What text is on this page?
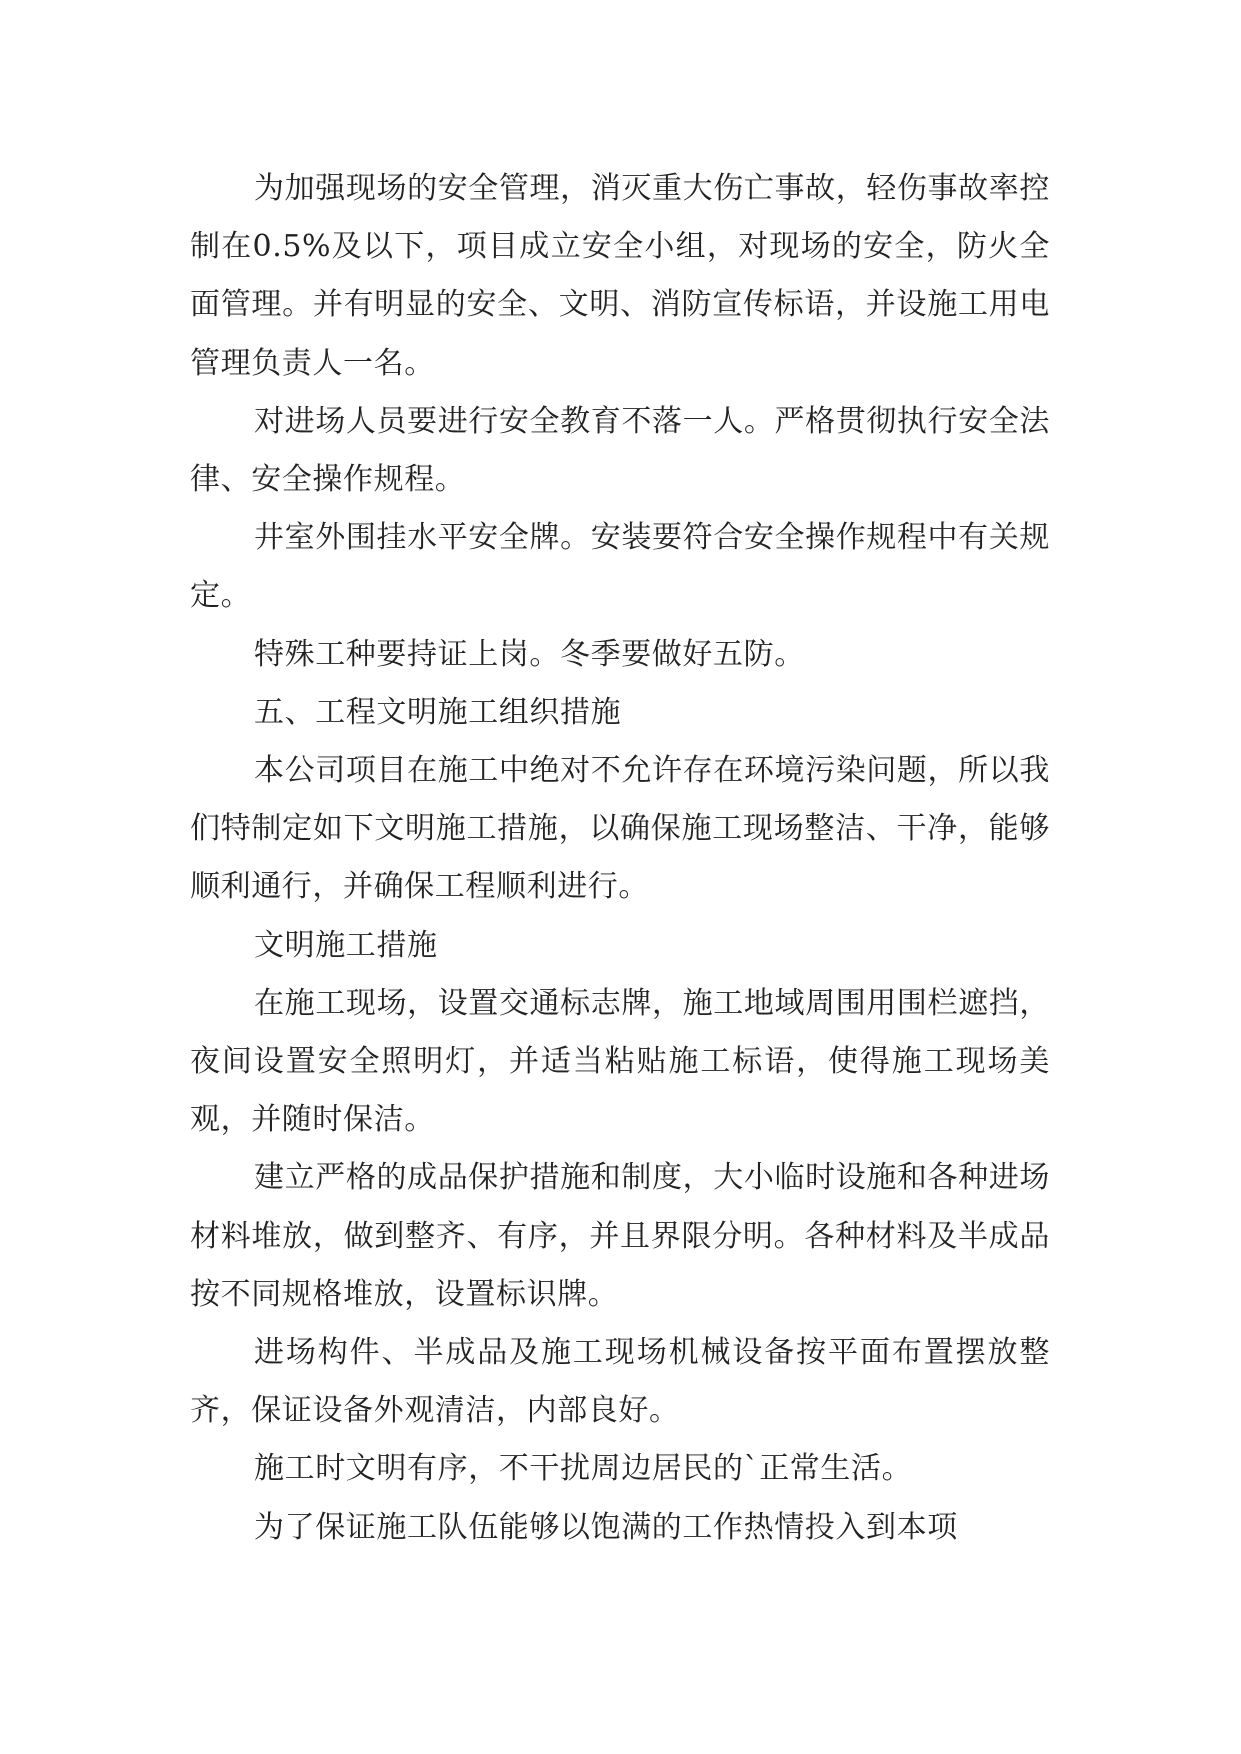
为加强现场的安全管理，消灭重大伤亡事故，轻伤事故率控制在0.5%及以下，项目成立安全小组，对现场的安全，防火全面管理。并有明显的安全、文明、消防宣传标语，并设施工用电管理负责人一名。

对进场人员要进行安全教育不落一人。严格贯彻执行安全法律、安全操作规程。

井室外围挂水平安全牌。安装要符合安全操作规程中有关规定。

特殊工种要持证上岗。冬季要做好五防。

五、工程文明施工组织措施

本公司项目在施工中绝对不允许存在环境污染问题，所以我们特制定如下文明施工措施，以确保施工现场整洁、干净，能够顺利通行，并确保工程顺利进行。

文明施工措施

在施工现场，设置交通标志牌，施工地域周围用围栏遮挡，夜间设置安全照明灯，并适当粘贴施工标语，使得施工现场美观，并随时保洁。

建立严格的成品保护措施和制度，大小临时设施和各种进场材料堆放，做到整齐、有序，并且界限分明。各种材料及半成品按不同规格堆放，设置标识牌。

进场构件、半成品及施工现场机械设备按平面布置摆放整齐，保证设备外观清洁，内部良好。

施工时文明有序，不干扰周边居民的`正常生活。

为了保证施工队伍能够以饱满的工作热情投入到本项
